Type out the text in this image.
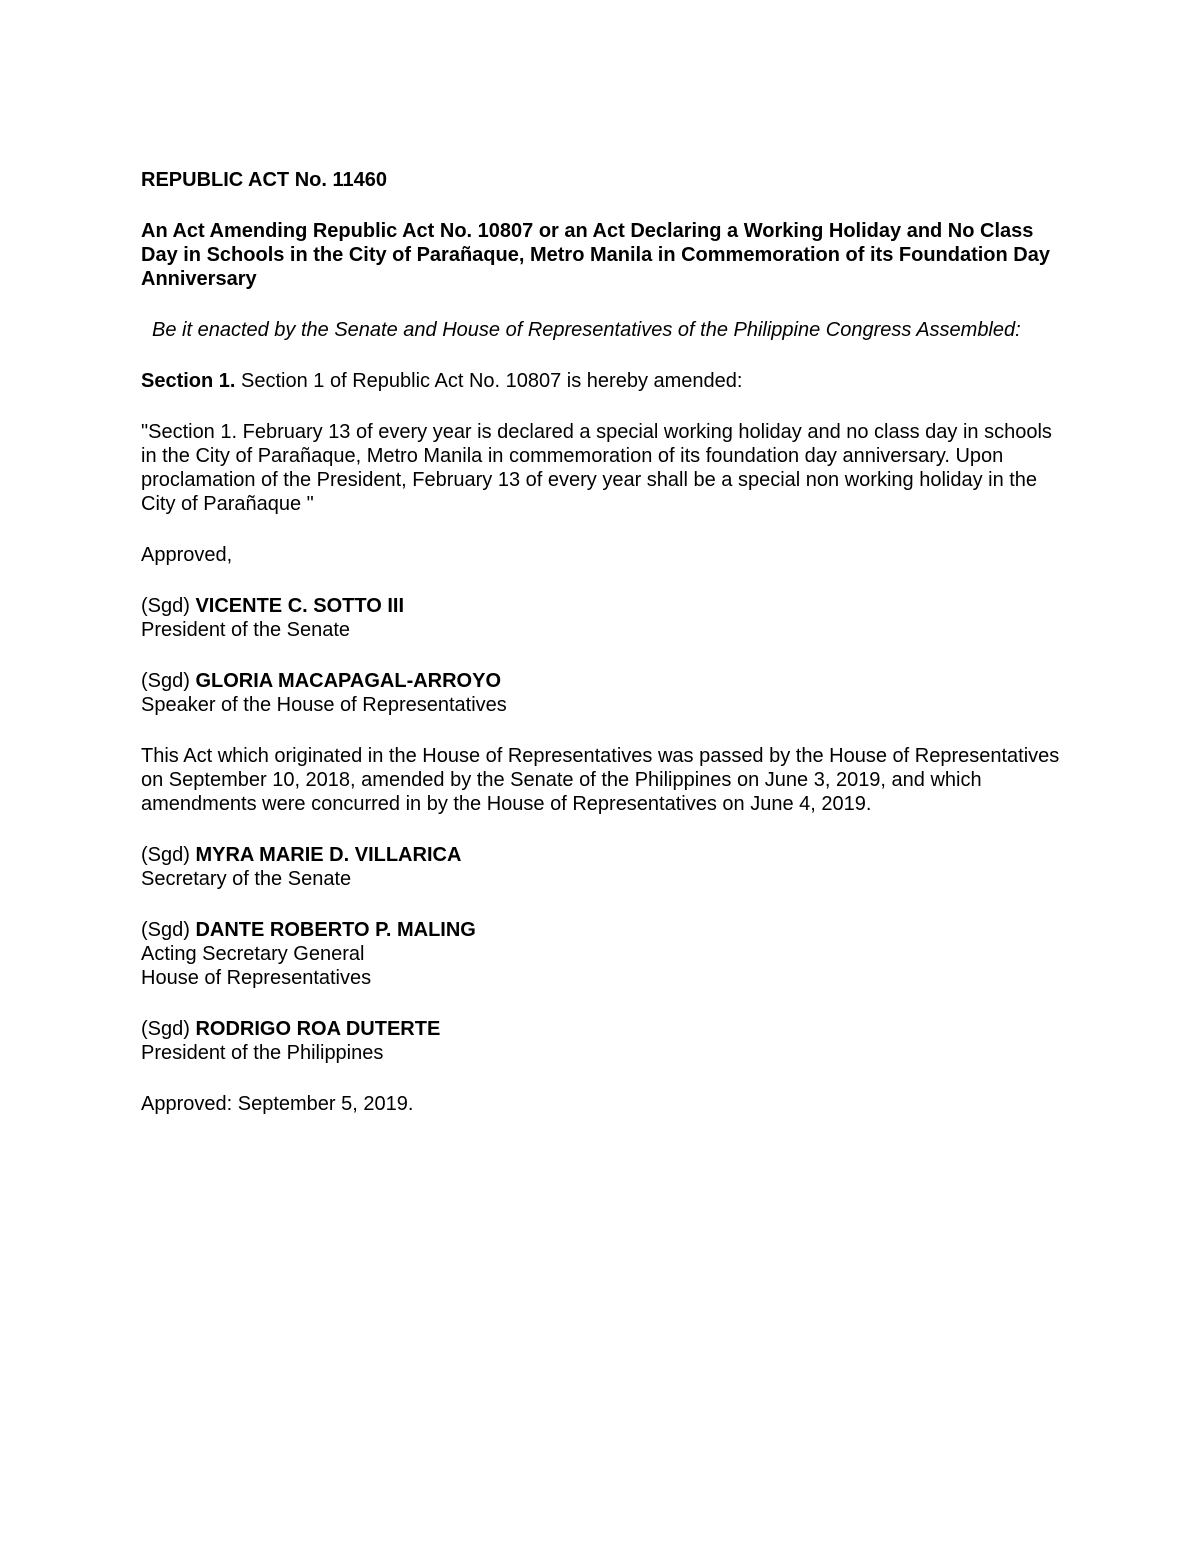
REPUBLIC ACT No. 11460

An Act Amending Republic Act No. 10807 or an Act Declaring a Working Holiday and No Class Day in Schools in the City of Parañaque, Metro Manila in Commemoration of its Foundation Day Anniversary

Be it enacted by the Senate and House of Representatives of the Philippine Congress Assembled:

Section 1. Section 1 of Republic Act No. 10807 is hereby amended:

"Section 1. February 13 of every year is declared a special working holiday and no class day in schools in the City of Parañaque, Metro Manila in commemoration of its foundation day anniversary. Upon proclamation of the President, February 13 of every year shall be a special non working holiday in the City of Parañaque "

Approved,

(Sgd) VICENTE C. SOTTO III
President of the Senate
(Sgd) GLORIA MACAPAGAL-ARROYO
Speaker of the House of Representatives

This Act which originated in the House of Representatives was passed by the House of Representatives on September 10, 2018, amended by the Senate of the Philippines on June 3, 2019, and which amendments were concurred in by the House of Representatives on June 4, 2019.

(Sgd) MYRA MARIE D. VILLARICA
Secretary of the Senate
(Sgd) DANTE ROBERTO P. MALING
Acting Secretary General
House of Representatives
(Sgd) RODRIGO ROA DUTERTE
President of the Philippines

Approved: September 5, 2019.
